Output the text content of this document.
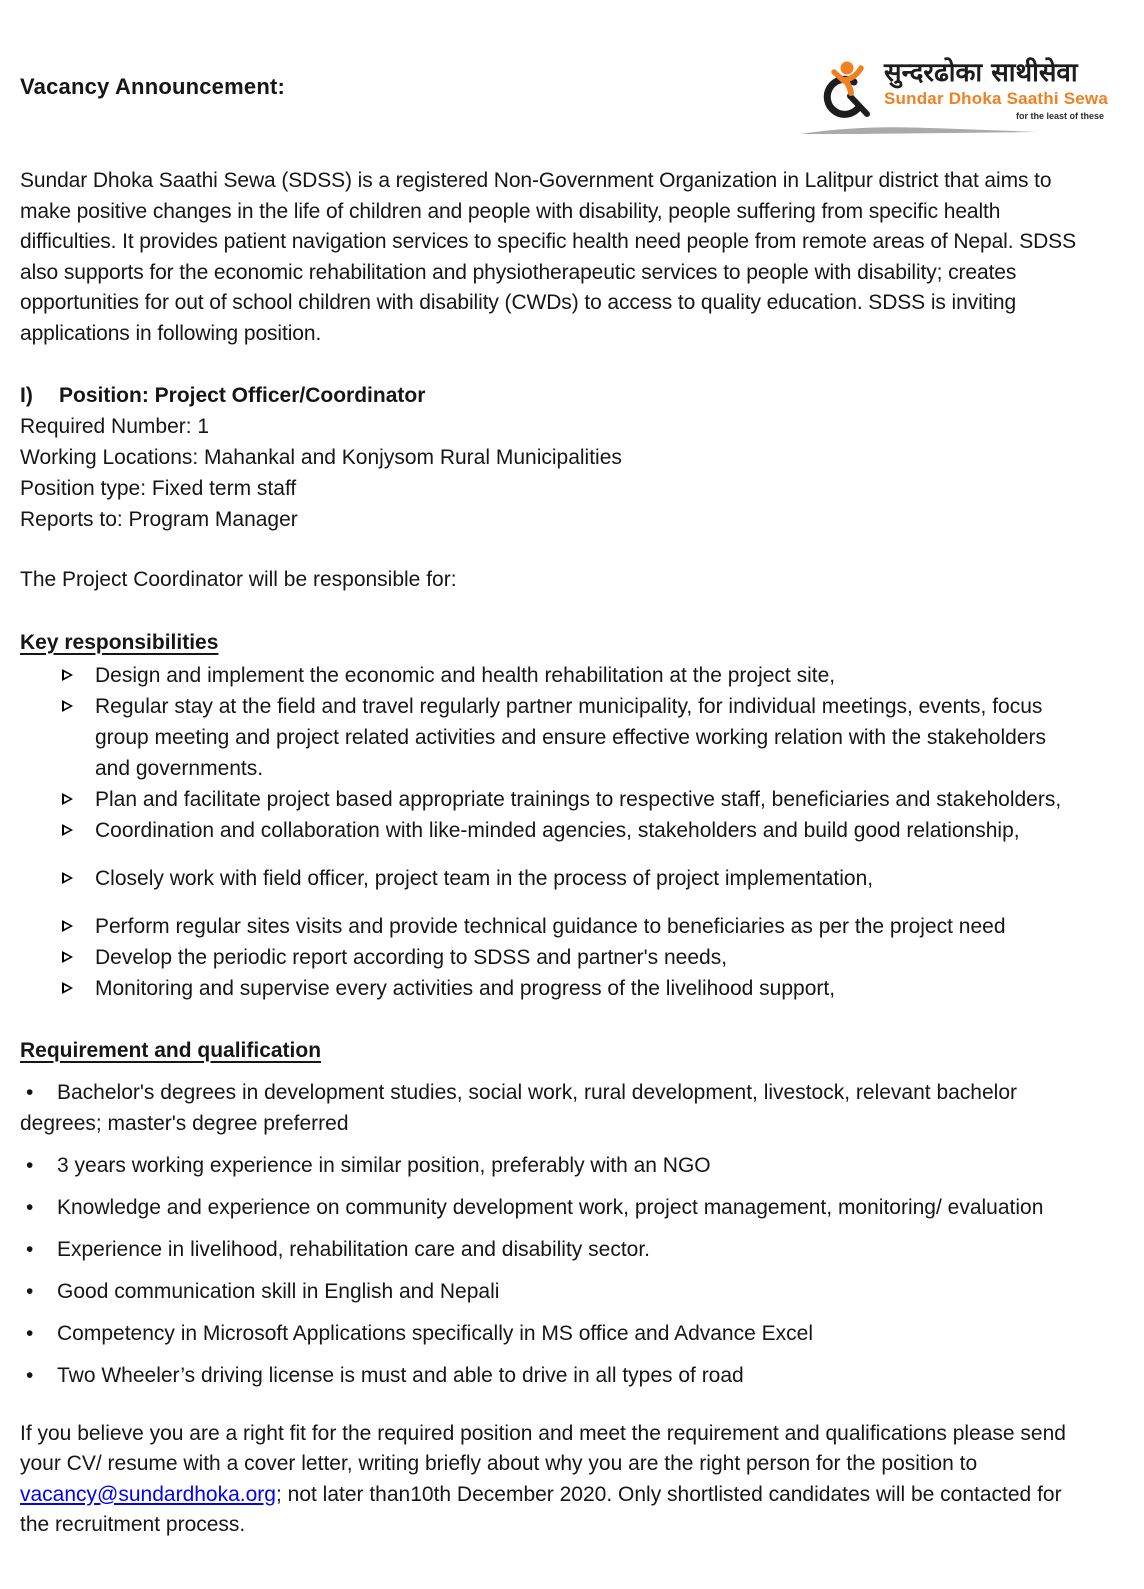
Vacancy Announcement:	सुन्दरढोका साथीसेवा
Sundar Dhoka Saathi Sewa
for the least of these

Sundar Dhoka Saathi Sewa (SDSS) is a registered Non-Government Organization in Lalitpur district that aims to make positive changes in the life of children and people with disability, people suffering from specific health difficulties. It provides patient navigation services to specific health need people from remote areas of Nepal. SDSS also supports for the economic rehabilitation and physiotherapeutic services to people with disability; creates opportunities for out of school children with disability (CWDs) to access to quality education. SDSS is inviting applications in following position.

I) Position: Project Officer/Coordinator

Required Number: 1
Working Locations: Mahankal and Konjysom Rural Municipalities
Position type: Fixed term staff
Reports to: Program Manager

The Project Coordinator will be responsible for:

Key responsibilities
Design and implement the economic and health rehabilitation at the project site,
Regular stay at the field and travel regularly partner municipality, for individual meetings, events, focus group meeting and project related activities and ensure effective working relation with the stakeholders and governments.
Plan and facilitate project based appropriate trainings to respective staff, beneficiaries and stakeholders,
Coordination and collaboration with like-minded agencies, stakeholders and build good relationship,
Closely work with field officer, project team in the process of project implementation,
Perform regular sites visits and provide technical guidance to beneficiaries as per the project need
Develop the periodic report according to SDSS and partner's needs,
Monitoring and supervise every activities and progress of the livelihood support,
Requirement and qualification
• Bachelor's degrees in development studies, social work, rural development, livestock, relevant bachelor degrees; master's degree preferred
• 3 years working experience in similar position, preferably with an NGO
• Knowledge and experience on community development work, project management, monitoring/ evaluation
• Experience in livelihood, rehabilitation care and disability sector.
• Good communication skill in English and Nepali
• Competency in Microsoft Applications specifically in MS office and Advance Excel
• Two Wheeler’s driving license is must and able to drive in all types of road

If you believe you are a right fit for the required position and meet the requirement and qualifications please send your CV/ resume with a cover letter, writing briefly about why you are the right person for the position to vacancy@sundardhoka.org; not later than10th December 2020. Only shortlisted candidates will be contacted for the recruitment process.
